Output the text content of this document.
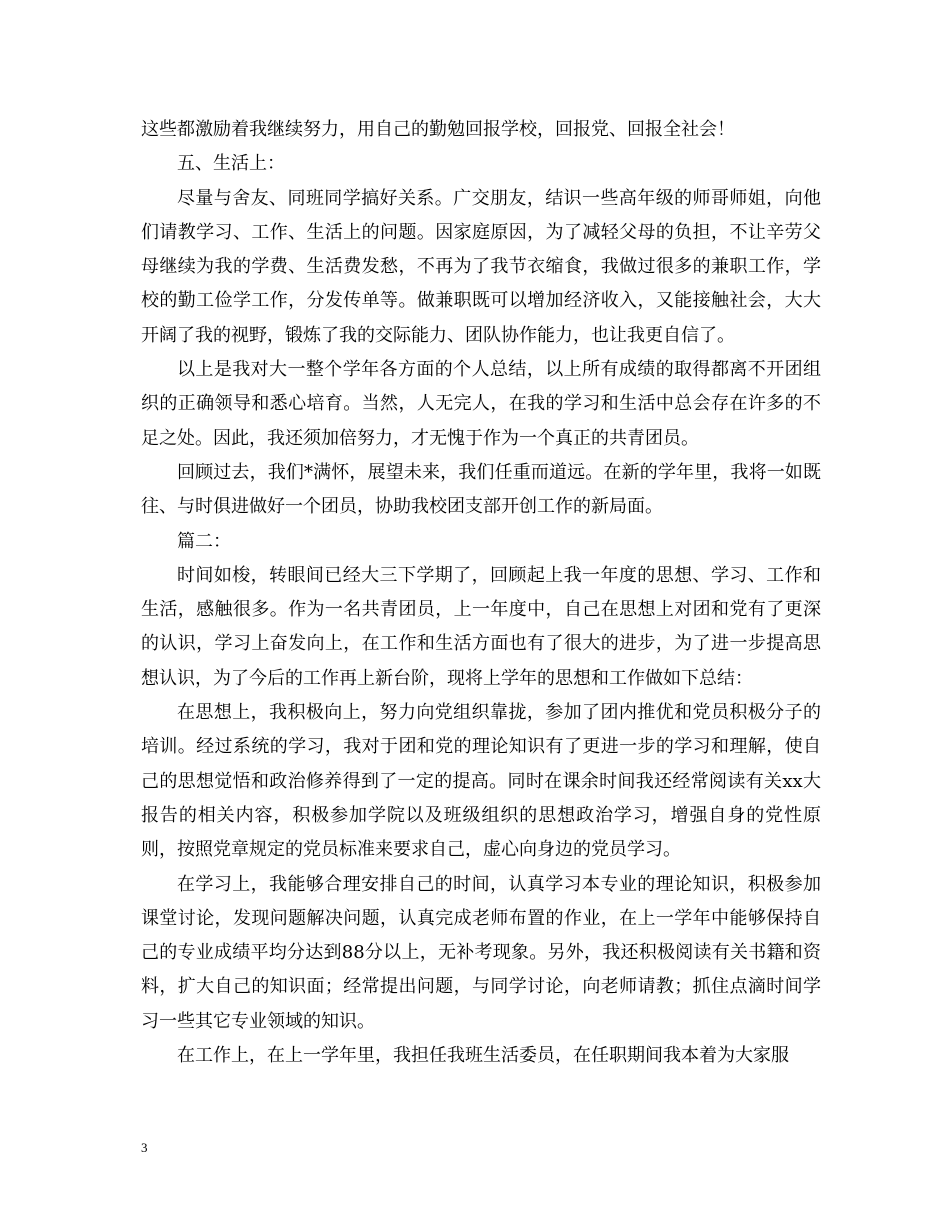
这些都激励着我继续努力，用自己的勤勉回报学校，回报党、回报全社会！

五、生活上：

尽量与舍友、同班同学搞好关系。广交朋友，结识一些高年级的师哥师姐，向他们请教学习、工作、生活上的问题。因家庭原因，为了减轻父母的负担，不让辛劳父母继续为我的学费、生活费发愁，不再为了我节衣缩食，我做过很多的兼职工作，学校的勤工俭学工作，分发传单等。做兼职既可以增加经济收入，又能接触社会，大大开阔了我的视野，锻炼了我的交际能力、团队协作能力，也让我更自信了。

以上是我对大一整个学年各方面的个人总结，以上所有成绩的取得都离不开团组织的正确领导和悉心培育。当然，人无完人，在我的学习和生活中总会存在许多的不足之处。因此，我还须加倍努力，才无愧于作为一个真正的共青团员。

回顾过去，我们*满怀，展望未来，我们任重而道远。在新的学年里，我将一如既往、与时俱进做好一个团员，协助我校团支部开创工作的新局面。

篇二：

时间如梭，转眼间已经大三下学期了，回顾起上我一年度的思想、学习、工作和生活，感触很多。作为一名共青团员，上一年度中，自己在思想上对团和党有了更深的认识，学习上奋发向上，在工作和生活方面也有了很大的进步，为了进一步提高思想认识，为了今后的工作再上新台阶，现将上学年的思想和工作做如下总结：

在思想上，我积极向上，努力向党组织靠拢，参加了团内推优和党员积极分子的培训。经过系统的学习，我对于团和党的理论知识有了更进一步的学习和理解，使自己的思想觉悟和政治修养得到了一定的提高。同时在课余时间我还经常阅读有关xx大报告的相关内容，积极参加学院以及班级组织的思想政治学习，增强自身的党性原则，按照党章规定的党员标准来要求自己，虚心向身边的党员学习。

在学习上，我能够合理安排自己的时间，认真学习本专业的理论知识，积极参加课堂讨论，发现问题解决问题，认真完成老师布置的作业，在上一学年中能够保持自己的专业成绩平均分达到88分以上，无补考现象。另外，我还积极阅读有关书籍和资料，扩大自己的知识面；经常提出问题，与同学讨论，向老师请教；抓住点滴时间学习一些其它专业领域的知识。

在工作上，在上一学年里，我担任我班生活委员，在任职期间我本着为大家服

3
